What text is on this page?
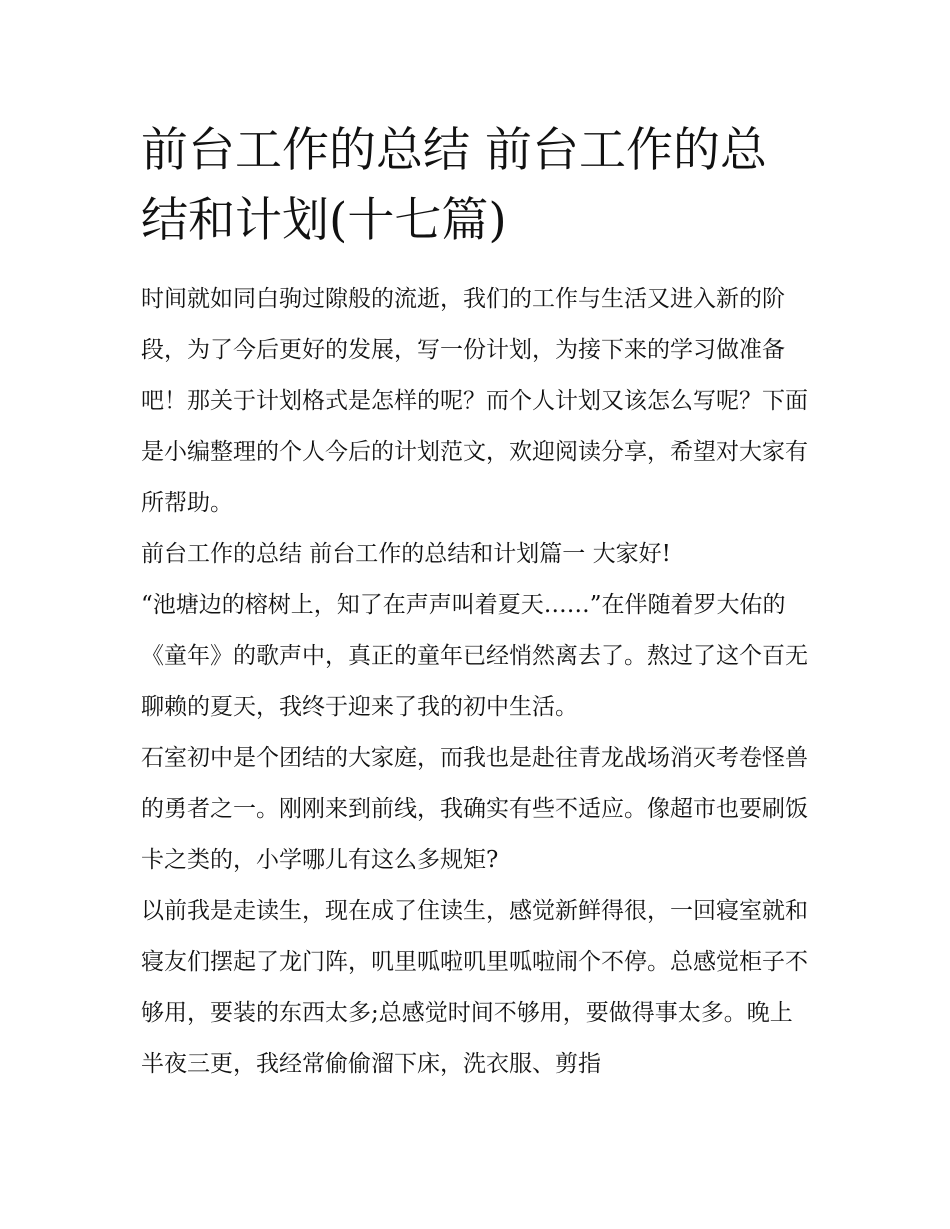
前台工作的总结 前台工作的总结和计划(十七篇)

时间就如同白驹过隙般的流逝，我们的工作与生活又进入新的阶段，为了今后更好的发展，写一份计划，为接下来的学习做准备吧！那关于计划格式是怎样的呢？而个人计划又该怎么写呢？下面是小编整理的个人今后的计划范文，欢迎阅读分享，希望对大家有所帮助。

前台工作的总结 前台工作的总结和计划篇一 大家好!

“池塘边的榕树上，知了在声声叫着夏天……”在伴随着罗大佑的《童年》的歌声中，真正的童年已经悄然离去了。熬过了这个百无聊赖的夏天，我终于迎来了我的初中生活。

石室初中是个团结的大家庭，而我也是赴往青龙战场消灭考卷怪兽的勇者之一。刚刚来到前线，我确实有些不适应。像超市也要刷饭卡之类的，小学哪儿有这么多规矩?

以前我是走读生，现在成了住读生，感觉新鲜得很，一回寝室就和寝友们摆起了龙门阵，叽里呱啦叽里呱啦闹个不停。总感觉柜子不够用，要装的东西太多;总感觉时间不够用，要做得事太多。晚上半夜三更，我经常偷偷溜下床，洗衣服、剪指
